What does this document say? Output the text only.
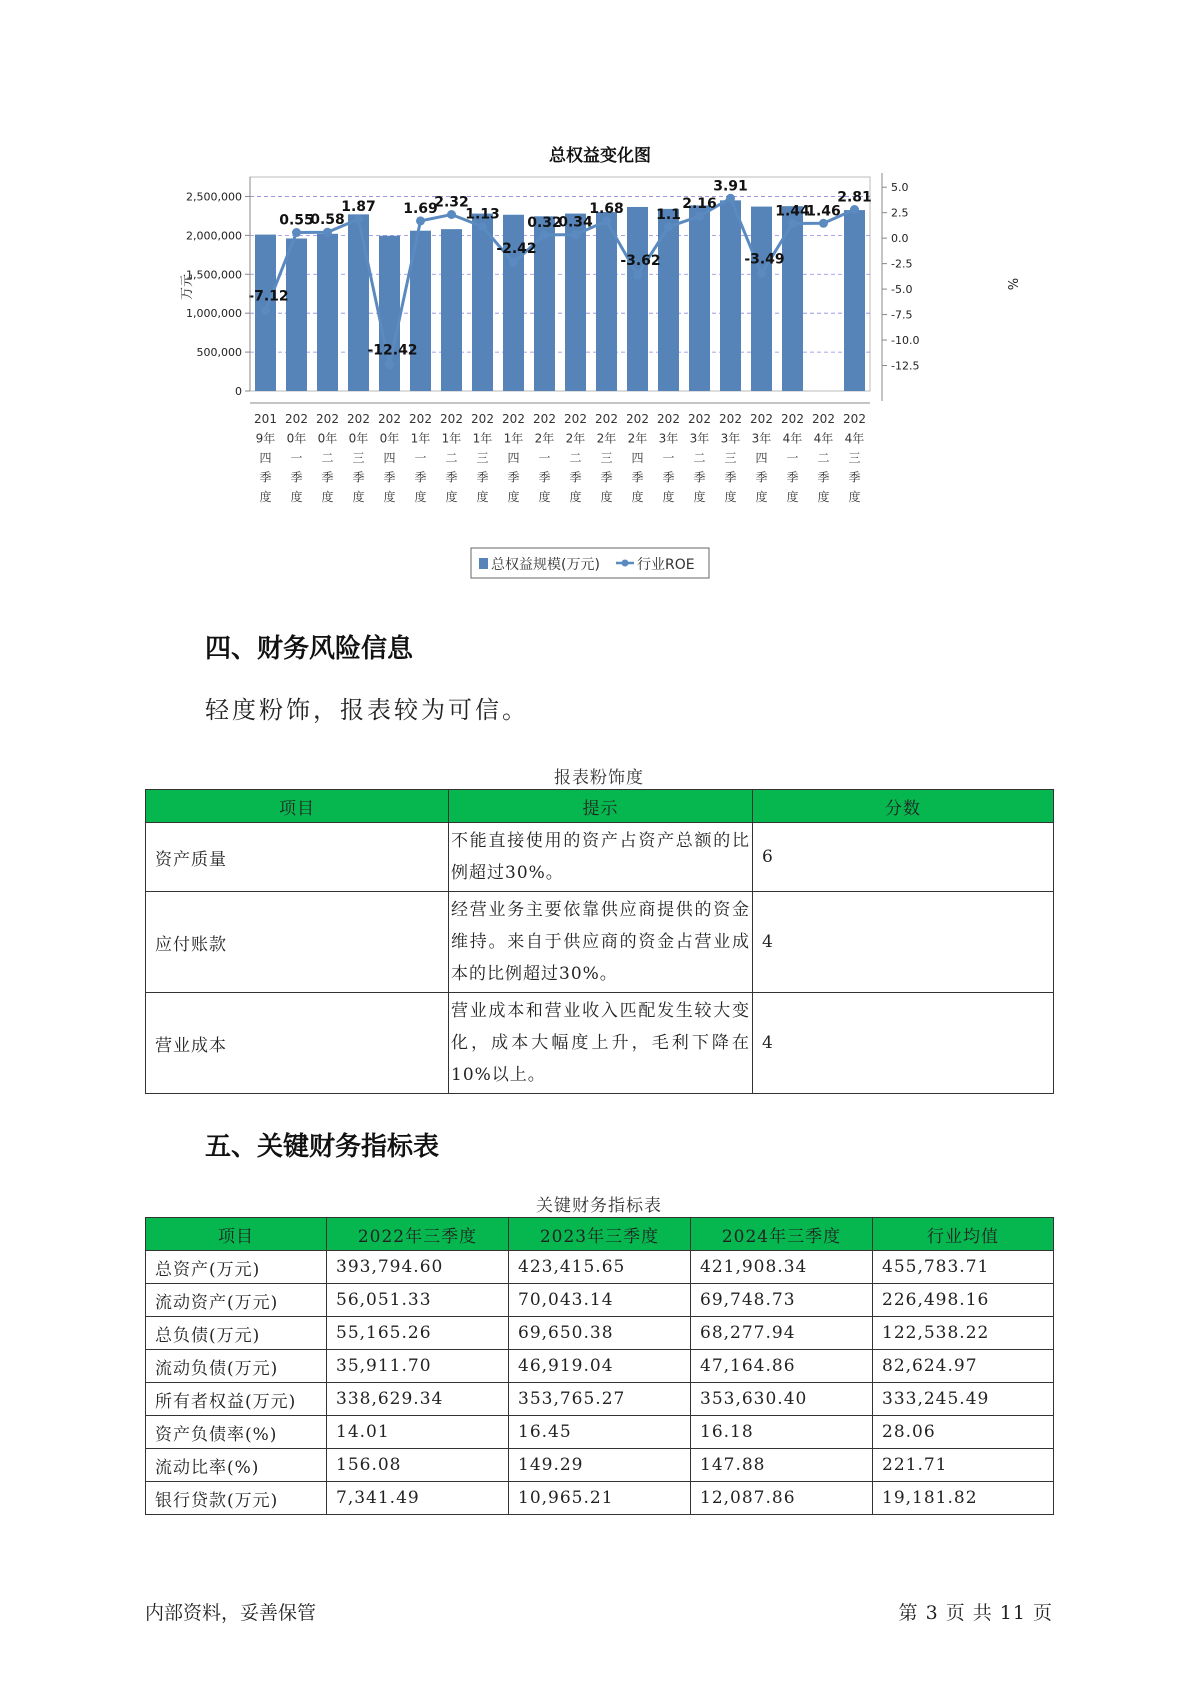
总权益变化图
-7.12
0.55
0.58
1.87
-12.42
1.69
2.32
1.13
-2.42
0.32
0.34
1.68
-3.62
1.1
2.16
3.91
-3.49
1.44
1.46
2.81
0
500,000
1,000,000
1,500,000
2,000,000
2,500,000
5.0
2.5
0.0
-2.5
-5.0
-7.5
-10.0
-12.5
201 9年四季度
202 0年一季度
202 0年二季度
202 0年三季度
202 0年四季度
202 1年一季度
202 1年二季度
202 1年三季度
202 1年四季度
202 2年一季度
202 2年二季度
202 2年三季度
202 2年四季度
202 3年一季度
202 3年二季度
202 3年三季度
202 3年四季度
202 4年一季度
202 4年二季度
202 4年三季度
万元	%
总权益规模(万元)	行业ROE
四、财务风险信息

轻度粉饰，报表较为可信。

报表粉饰度
项目	提示	分数
资产质量	不能直接使用的资产占资产总额的比例超过30%。	6
应付账款	经营业务主要依靠供应商提供的资金维持。来自于供应商的资金占营业成本的比例超过30%。	4
营业成本	营业成本和营业收入匹配发生较大变化，成本大幅度上升，毛利下降在10%以上。	4
五、关键财务指标表
关键财务指标表
项目	2022年三季度	2023年三季度	2024年三季度	行业均值
总资产(万元)	393,794.60	423,415.65	421,908.34	455,783.71
流动资产(万元)	56,051.33	70,043.14	69,748.73	226,498.16
总负债(万元)	55,165.26	69,650.38	68,277.94	122,538.22
流动负债(万元)	35,911.70	46,919.04	47,164.86	82,624.97
所有者权益(万元)	338,629.34	353,765.27	353,630.40	333,245.49
资产负债率(%)	14.01	16.45	16.18	28.06
流动比率(%)	156.08	149.29	147.88	221.71
银行贷款(万元)	7,341.49	10,965.21	12,087.86	19,181.82
内部资料，妥善保管	第 3 页 共 11 页
